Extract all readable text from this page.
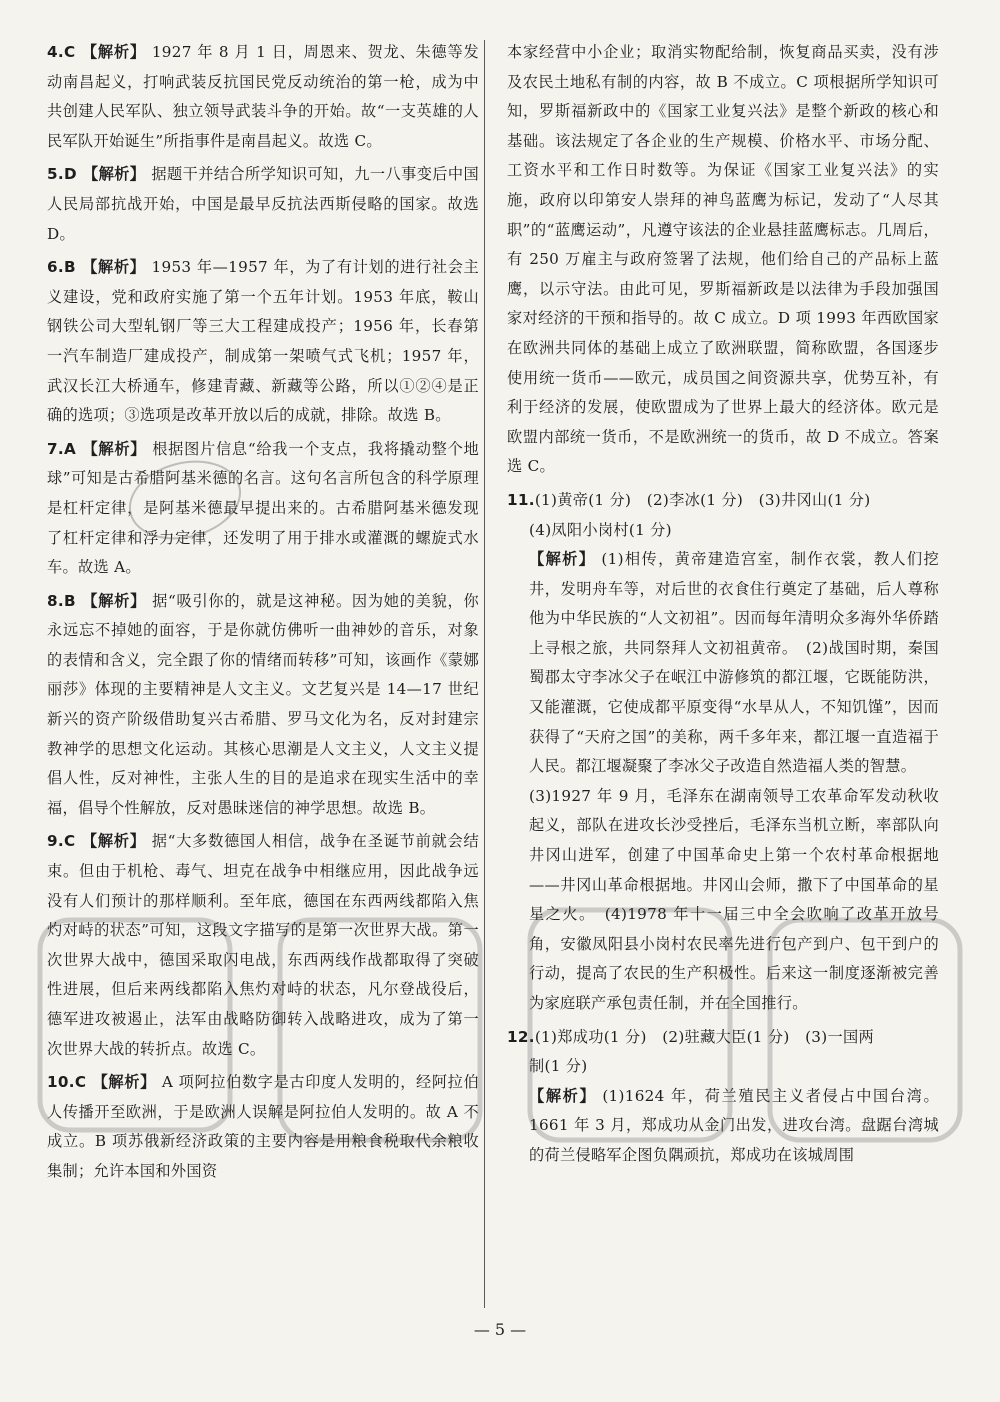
4.C 【解析】 1927 年 8 月 1 日，周恩来、贺龙、朱德等发动南昌起义，打响武装反抗国民党反动统治的第一枪，成为中共创建人民军队、独立领导武装斗争的开始。故“一支英雄的人民军队开始诞生”所指事件是南昌起义。故选 C。
5.D 【解析】 据题干并结合所学知识可知，九一八事变后中国人民局部抗战开始，中国是最早反抗法西斯侵略的国家。故选 D。
6.B 【解析】 1953 年—1957 年，为了有计划的进行社会主义建设，党和政府实施了第一个五年计划。1953 年底，鞍山钢铁公司大型轧钢厂等三大工程建成投产；1956 年，长春第一汽车制造厂建成投产，制成第一架喷气式飞机；1957 年，武汉长江大桥通车，修建青藏、新藏等公路，所以①②④是正确的选项；③选项是改革开放以后的成就，排除。故选 B。
7.A 【解析】 根据图片信息“给我一个支点，我将撬动整个地球”可知是古希腊阿基米德的名言。这句名言所包含的科学原理是杠杆定律，是阿基米德最早提出来的。古希腊阿基米德发现了杠杆定律和浮力定律，还发明了用于排水或灌溉的螺旋式水车。故选 A。
8.B 【解析】 据“吸引你的，就是这神秘。因为她的美貌，你永远忘不掉她的面容，于是你就仿佛听一曲神妙的音乐，对象的表情和含义，完全跟了你的情绪而转移”可知，该画作《蒙娜丽莎》体现的主要精神是人文主义。文艺复兴是 14—17 世纪新兴的资产阶级借助复兴古希腊、罗马文化为名，反对封建宗教神学的思想文化运动。其核心思潮是人文主义，人文主义提倡人性，反对神性，主张人生的目的是追求在现实生活中的幸福，倡导个性解放，反对愚昧迷信的神学思想。故选 B。
9.C 【解析】 据“大多数德国人相信，战争在圣诞节前就会结束。但由于机枪、毒气、坦克在战争中相继应用，因此战争远没有人们预计的那样顺利。至年底，德国在东西两线都陷入焦灼对峙的状态”可知，这段文字描写的是第一次世界大战。第一次世界大战中，德国采取闪电战，东西两线作战都取得了突破性进展，但后来两线都陷入焦灼对峙的状态，凡尔登战役后，德军进攻被遏止，法军由战略防御转入战略进攻，成为了第一次世界大战的转折点。故选 C。
10.C 【解析】 A 项阿拉伯数字是古印度人发明的，经阿拉伯人传播开至欧洲，于是欧洲人误解是阿拉伯人发明的。故 A 不成立。B 项苏俄新经济政策的主要内容是用粮食税取代余粮收集制；允许本国和外国资
本家经营中小企业；取消实物配给制，恢复商品买卖，没有涉及农民土地私有制的内容，故 B 不成立。C 项根据所学知识可知，罗斯福新政中的《国家工业复兴法》是整个新政的核心和基础。该法规定了各企业的生产规模、价格水平、市场分配、工资水平和工作日时数等。为保证《国家工业复兴法》的实施，政府以印第安人崇拜的神鸟蓝鹰为标记，发动了“人尽其职”的“蓝鹰运动”，凡遵守该法的企业悬挂蓝鹰标志。几周后，有 250 万雇主与政府签署了法规，他们给自己的产品标上蓝鹰，以示守法。由此可见，罗斯福新政是以法律为手段加强国家对经济的干预和指导的。故 C 成立。D 项 1993 年西欧国家在欧洲共同体的基础上成立了欧洲联盟，简称欧盟，各国逐步使用统一货币——欧元，成员国之间资源共享，优势互补，有利于经济的发展，使欧盟成为了世界上最大的经济体。欧元是欧盟内部统一货币，不是欧洲统一的货币，故 D 不成立。答案选 C。
11.(1)黄帝(1 分)　(2)李冰(1 分)　(3)井冈山(1 分)
(4)凤阳小岗村(1 分)
【解析】 (1)相传，黄帝建造宫室，制作衣裳，教人们挖井，发明舟车等，对后世的衣食住行奠定了基础，后人尊称他为中华民族的“人文初祖”。因而每年清明众多海外华侨踏上寻根之旅，共同祭拜人文初祖黄帝。　(2)战国时期，秦国蜀郡太守李冰父子在岷江中游修筑的都江堰，它既能防洪，又能灌溉，它使成都平原变得“水旱从人，不知饥馑”，因而获得了“天府之国”的美称，两千多年来，都江堰一直造福于人民。都江堰凝聚了李冰父子改造自然造福人类的智慧。
(3)1927 年 9 月，毛泽东在湖南领导工农革命军发动秋收起义，部队在进攻长沙受挫后，毛泽东当机立断，率部队向井冈山进军，创建了中国革命史上第一个农村革命根据地——井冈山革命根据地。井冈山会师，撒下了中国革命的星星之火。　(4)1978 年十一届三中全会吹响了改革开放号角，安徽凤阳县小岗村农民率先进行包产到户、包干到户的行动，提高了农民的生产积极性。后来这一制度逐渐被完善为家庭联产承包责任制，并在全国推行。
12.(1)郑成功(1 分)　(2)驻藏大臣(1 分)　(3)一国两
制(1 分)
【解析】 (1)1624 年，荷兰殖民主义者侵占中国台湾。1661 年 3 月，郑成功从金门出发，进攻台湾。盘踞台湾城的荷兰侵略军企图负隅顽抗，郑成功在该城周围
— 5 —
